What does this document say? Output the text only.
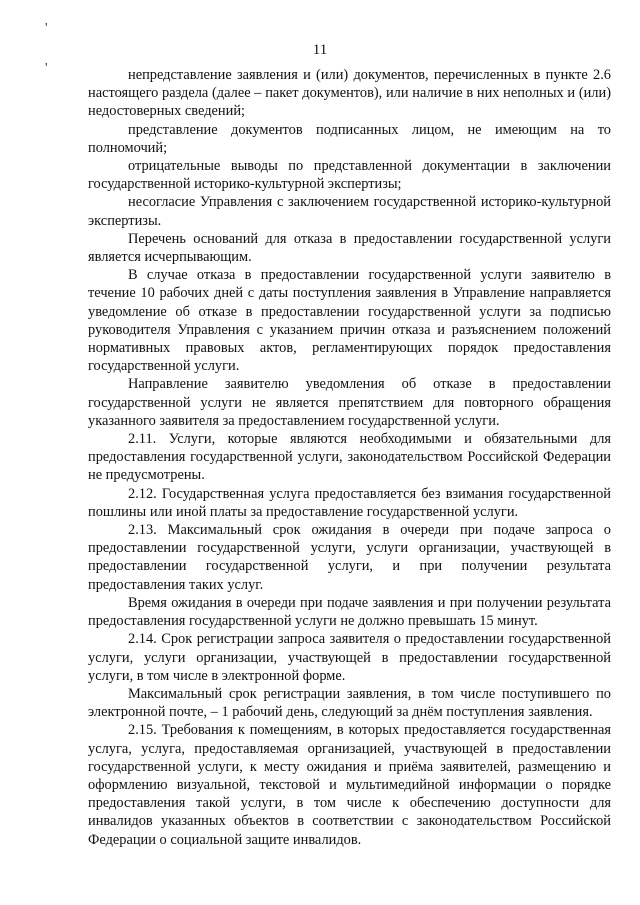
11
'
'	непредставление заявления и (или) документов, перечисленных в пункте 2.6 настоящего раздела (далее – пакет документов), или наличие в них неполных и (или) недостоверных сведений;

представление документов подписанных лицом, не имеющим на то полномочий;

отрицательные выводы по представленной документации в заключении государственной историко-культурной экспертизы;

несогласие Управления с заключением государственной историко-культурной экспертизы.

Перечень оснований для отказа в предоставлении государственной услуги является исчерпывающим.

В случае отказа в предоставлении государственной услуги заявителю в течение 10 рабочих дней с даты поступления заявления в Управление направляется уведомление об отказе в предоставлении государственной услуги за подписью руководителя Управления с указанием причин отказа и разъяснением положений нормативных правовых актов, регламентирующих порядок предоставления государственной услуги.

Направление заявителю уведомления об отказе в предоставлении государственной услуги не является препятствием для повторного обращения указанного заявителя за предоставлением государственной услуги.

2.11. Услуги, которые являются необходимыми и обязательными для предоставления государственной услуги, законодательством Российской Федерации не предусмотрены.

2.12. Государственная услуга предоставляется без взимания государственной пошлины или иной платы за предоставление государственной услуги.

2.13. Максимальный срок ожидания в очереди при подаче запроса о предоставлении государственной услуги, услуги организации, участвующей в предоставлении государственной услуги, и при получении результата предоставления таких услуг.

Время ожидания в очереди при подаче заявления и при получении результата предоставления государственной услуги не должно превышать 15 минут.

2.14. Срок регистрации запроса заявителя о предоставлении государственной услуги, услуги организации, участвующей в предоставлении государственной услуги, в том числе в электронной форме.

Максимальный срок регистрации заявления, в том числе поступившего по электронной почте, – 1 рабочий день, следующий за днём поступления заявления.

2.15. Требования к помещениям, в которых предоставляется государственная услуга, услуга, предоставляемая организацией, участвующей в предоставлении государственной услуги, к месту ожидания и приёма заявителей, размещению и оформлению визуальной, текстовой и мультимедийной информации о порядке предоставления такой услуги, в том числе к обеспечению доступности для инвалидов указанных объектов в соответствии с законодательством Российской Федерации о социальной защите инвалидов.
